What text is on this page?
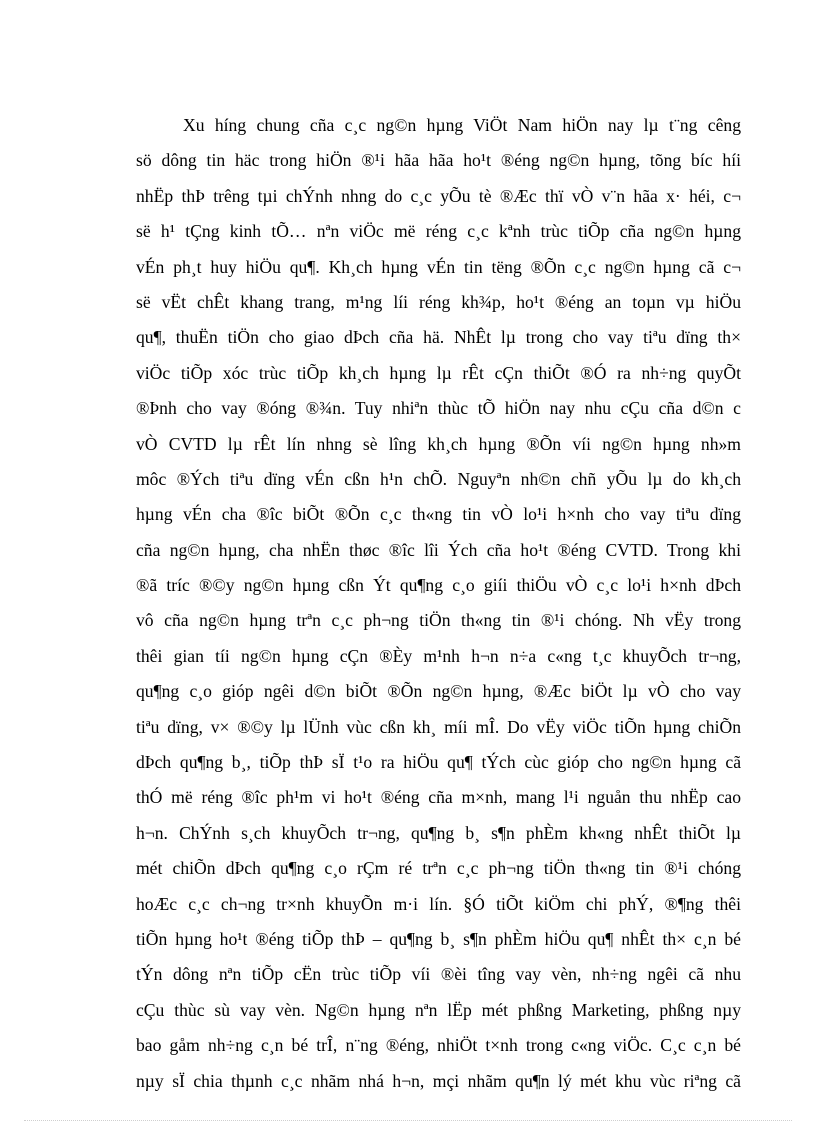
Xu híng chung cña c¸c ng©n hµng ViÖt Nam hiÖn nay lµ t¨ng cêng
sö dông tin häc trong hiÖn ®¹i hãa hãa ho¹t ®éng ng©n hµng, tõng bíc híi
nhËp thÞ trêng tµi chÝnh nhng do c¸c yÕu tè ®Æc thï vÒ v¨n hãa x· héi, c¬
së h¹ tÇng kinh tÕ… nªn viÖc më réng c¸c kªnh trùc tiÕp cña ng©n hµng
vÉn ph¸t huy hiÖu qu¶. Kh¸ch hµng vÉn tin tëng ®Õn c¸c ng©n hµng cã c¬
së vËt chÊt khang trang, m¹ng líi réng kh¾p, ho¹t ®éng an toµn vµ hiÖu
qu¶, thuËn tiÖn cho giao dÞch cña hä. NhÊt lµ trong cho vay tiªu dïng th×
viÖc tiÕp xóc trùc tiÕp kh¸ch hµng lµ rÊt cÇn thiÕt ®Ó ra nh÷ng quyÕt
®Þnh cho vay ®óng ®¾n. Tuy nhiªn thùc tÕ hiÖn nay nhu cÇu cña d©n c
vÒ CVTD lµ rÊt lín nhng sè lîng kh¸ch hµng ®Õn víi ng©n hµng nh»m
môc ®Ých tiªu dïng vÉn cßn h¹n chÕ. Nguyªn nh©n chñ yÕu lµ do kh¸ch
hµng vÉn cha ®îc biÕt ®Õn c¸c th«ng tin vÒ lo¹i h×nh cho vay tiªu dïng
cña ng©n hµng, cha nhËn thøc ®îc lîi Ých cña ho¹t ®éng CVTD. Trong khi
®ã tríc ®©y ng©n hµng cßn Ýt qu¶ng c¸o giíi thiÖu vÒ c¸c lo¹i h×nh dÞch
vô cña ng©n hµng trªn c¸c ph¬ng tiÖn th«ng tin ®¹i chóng. Nh vËy trong
thêi gian tíi ng©n hµng cÇn ®Èy m¹nh h¬n n÷a c«ng t¸c khuyÕch tr¬ng,
qu¶ng c¸o gióp ngêi d©n biÕt ®Õn ng©n hµng, ®Æc biÖt lµ vÒ cho vay
tiªu dïng, v× ®©y lµ lÜnh vùc cßn kh¸ míi mÎ. Do vËy viÖc tiÕn hµng chiÕn
dÞch qu¶ng b¸, tiÕp thÞ sÏ t¹o ra hiÖu qu¶ tÝch cùc gióp cho ng©n hµng cã
thÓ më réng ®îc ph¹m vi ho¹t ®éng cña m×nh, mang l¹i nguån thu nhËp cao
h¬n. ChÝnh s¸ch khuyÕch tr¬ng, qu¶ng b¸ s¶n phÈm kh«ng nhÊt thiÕt lµ
mét chiÕn dÞch qu¶ng c¸o rÇm ré trªn c¸c ph¬ng tiÖn th«ng tin ®¹i chóng
hoÆc c¸c ch¬ng tr×nh khuyÕn m·i lín. §Ó tiÕt kiÖm chi phÝ, ®¶ng thêi
tiÕn hµng ho¹t ®éng tiÕp thÞ – qu¶ng b¸ s¶n phÈm hiÖu qu¶ nhÊt th× c¸n bé
tÝn dông nªn tiÕp cËn trùc tiÕp víi ®èi tîng vay vèn, nh÷ng ngêi cã nhu
cÇu thùc sù vay vèn. Ng©n hµng nªn lËp mét phßng Marketing, phßng nµy
bao gåm nh÷ng c¸n bé trÎ, n¨ng ®éng, nhiÖt t×nh trong c«ng viÖc. C¸c c¸n bé
nµy sÏ chia thµnh c¸c nhãm nhá h¬n, mçi nhãm qu¶n lý mét khu vùc riªng cã
